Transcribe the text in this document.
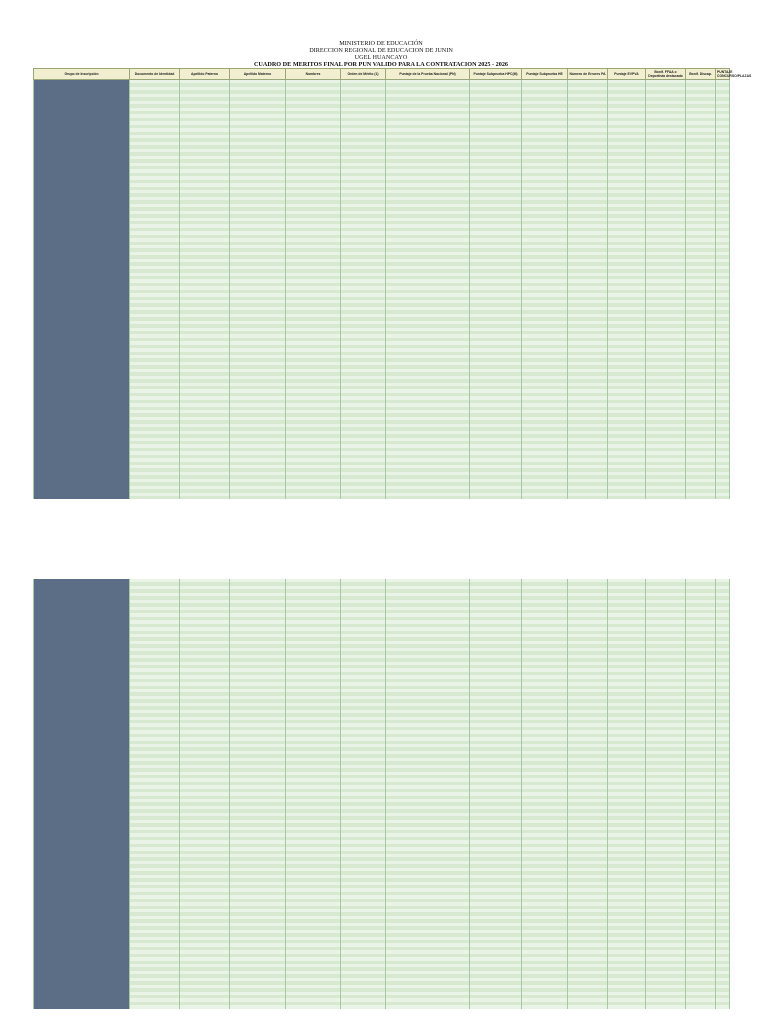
MINISTERIO DE EDUCACIÓN
DIRECCION REGIONAL DE EDUCACION DE JUNIN
UGEL HUANCAYO
CUADRO DE MERITOS FINAL POR PUN VALIDO PARA LA CONTRATACION 2025 - 2026
Grupo de Inscripción	Documento de Identidad	Apellido Paterno	Apellido Materno	Nombres	Orden de Mérito (1)	Puntaje de la Prueba Nacional (PN)	Puntaje Subprueba HPC(M)	Puntaje Subprueba HE	Número de Errores PA	Puntaje EVPVA	Bonif. FFAA o Deportista destacado	Bonif. Discap.	PUNTAJE CONCURSO/PLAZAS
